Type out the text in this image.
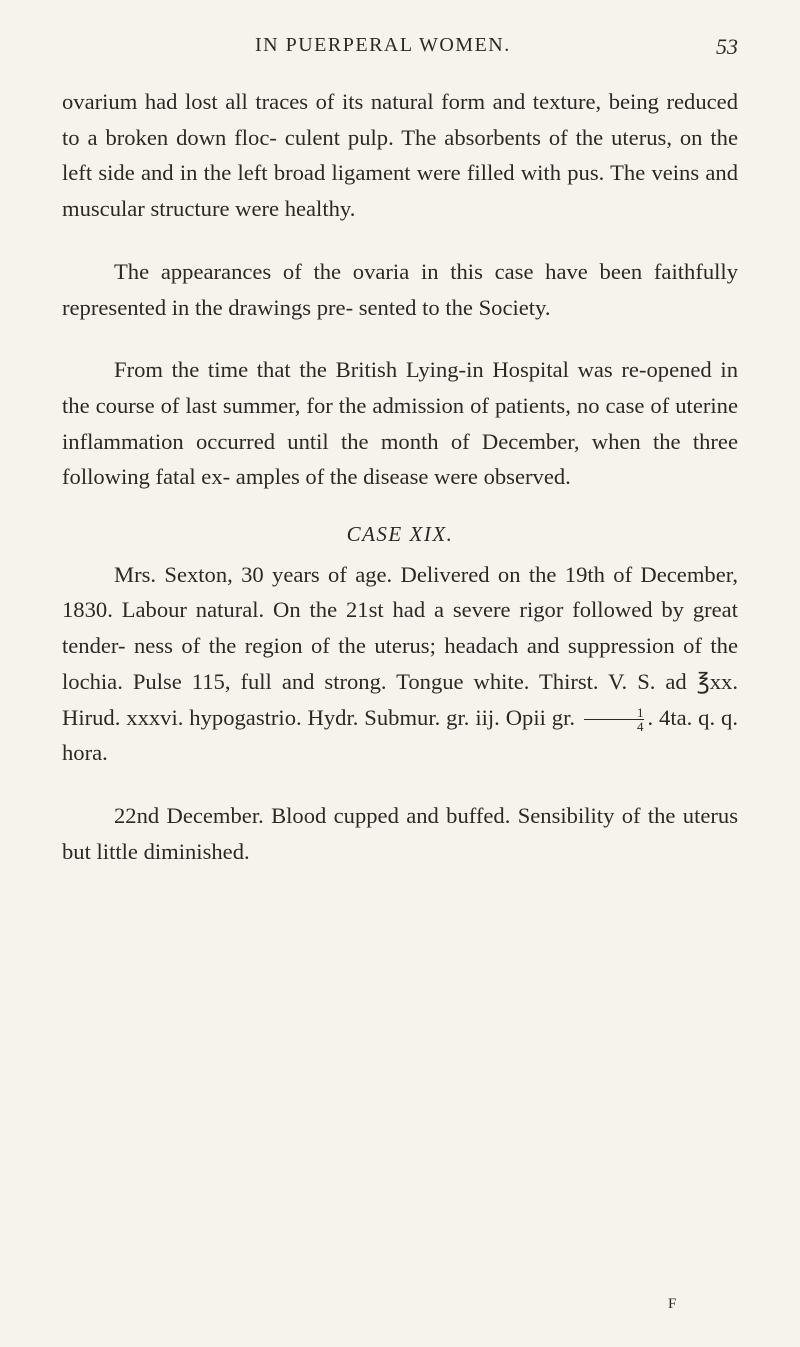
IN PUERPERAL WOMEN.	53

ovarium had lost all traces of its natural form and texture, being reduced to a broken down floc- culent pulp. The absorbents of the uterus, on the left side and in the left broad ligament were filled with pus. The veins and muscular structure were healthy.

The appearances of the ovaria in this case have been faithfully represented in the drawings pre- sented to the Society.

From the time that the British Lying-in Hospital was re-opened in the course of last summer, for the admission of patients, no case of uterine inflammation occurred until the month of December, when the three following fatal ex- amples of the disease were observed.

CASE XIX.

Mrs. Sexton, 30 years of age. Delivered on the 19th of December, 1830. Labour natural. On the 21st had a severe rigor followed by great tender- ness of the region of the uterus; headach and suppression of the lochia. Pulse 115, full and strong. Tongue white. Thirst. V. S. ad ℥xx. Hirud. xxxvi. hypogastrio. Hydr. Submur. gr. iij. Opii gr. $\frac{1}{4}$ . 4ta. q. q. hora.

22nd December. Blood cupped and buffed. Sensibility of the uterus but little diminished.

F
